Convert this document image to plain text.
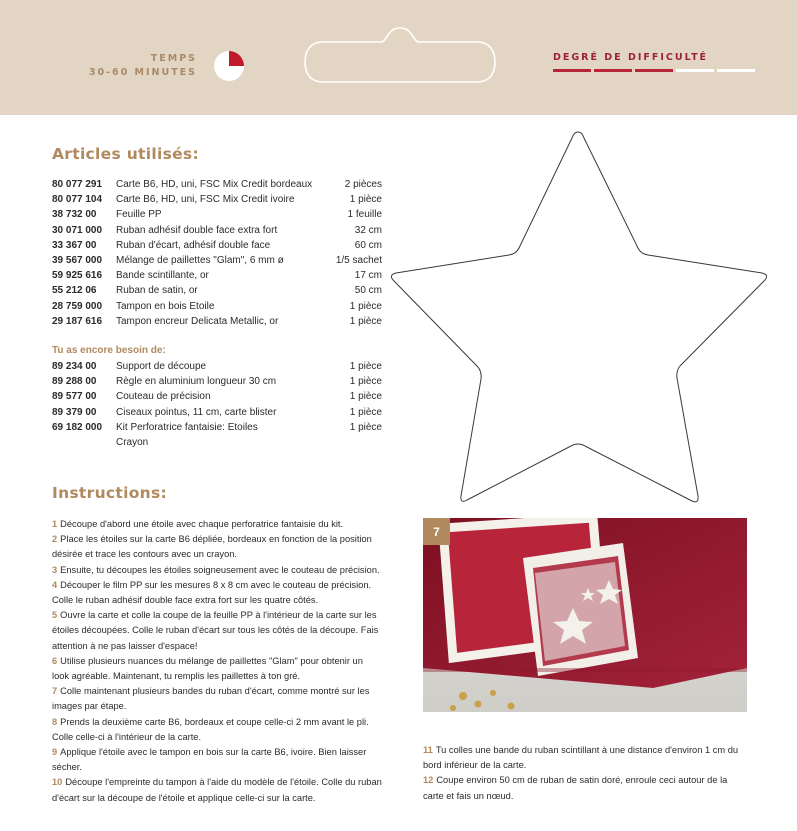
TEMPS
30-60 MINUTES
DEGRÉ DE DIFFICULTÉ
Articles utilisés:
80 077 291	Carte B6, HD, uni, FSC Mix Credit bordeaux	2 pièces
80 077 104	Carte B6, HD, uni, FSC Mix Credit ivoire	1 pièce
38 732 00	Feuille PP	1 feuille
30 071 000	Ruban adhésif double face extra fort	32 cm
33 367 00	Ruban d'écart, adhésif double face	60 cm
39 567 000	Mélange de paillettes "Glam", 6 mm ø	1/5 sachet
59 925 616	Bande scintillante, or	17 cm
55 212 06	Ruban de satin, or	50 cm
28 759 000	Tampon en bois Etoile	1 pièce
29 187 616	Tampon encreur Delicata Metallic, or	1 pièce
Tu as encore besoin de:
89 234 00	Support de découpe	1 pièce
89 288 00	Règle en aluminium longueur 30 cm	1 pièce
89 577 00	Couteau de précision	1 pièce
89 379 00	Ciseaux pointus, 11 cm, carte blister	1 pièce
69 182 000	Kit Perforatrice fantaisie: Etoiles	1 pièce
Crayon
Instructions:

1 Découpe d'abord une étoile avec chaque perforatrice fantaisie du kit.

2 Place les étoiles sur la carte B6 dépliée, bordeaux en fonction de la position désirée et trace les contours avec un crayon.

3 Ensuite, tu découpes les étoiles soigneusement avec le couteau de précision.

4 Découper le film PP sur les mesures 8 x 8 cm avec le couteau de précision. Colle le ruban adhésif double face extra fort sur les quatre côtés.

5 Ouvre la carte et colle la coupe de la feuille PP à l'intérieur de la carte sur les étoiles découpées. Colle le ruban d'écart sur tous les côtés de la découpe. Fais attention à ne pas laisser d'espace!

6 Utilise plusieurs nuances du mélange de paillettes "Glam" pour obtenir un look agréable. Maintenant, tu remplis les paillettes à ton gré.

7 Colle maintenant plusieurs bandes du ruban d'écart, comme montré sur les images par étape.

8 Prends la deuxième carte B6, bordeaux et coupe celle-ci 2 mm avant le pli. Colle celle-ci à l'intérieur de la carte.

9 Applique l'étoile avec le tampon en bois sur la carte B6, ivoire. Bien laisser sécher.

10 Découpe l'empreinte du tampon à l'aide du modèle de l'étoile. Colle du ruban d'écart sur la découpe de l'étoile et applique celle-ci sur la carte.

7

11 Tu colles une bande du ruban scintillant à une distance d'environ 1 cm du bord inférieur de la carte.

12 Coupe environ 50 cm de ruban de satin doré, enroule ceci autour de la carte et fais un nœud.
